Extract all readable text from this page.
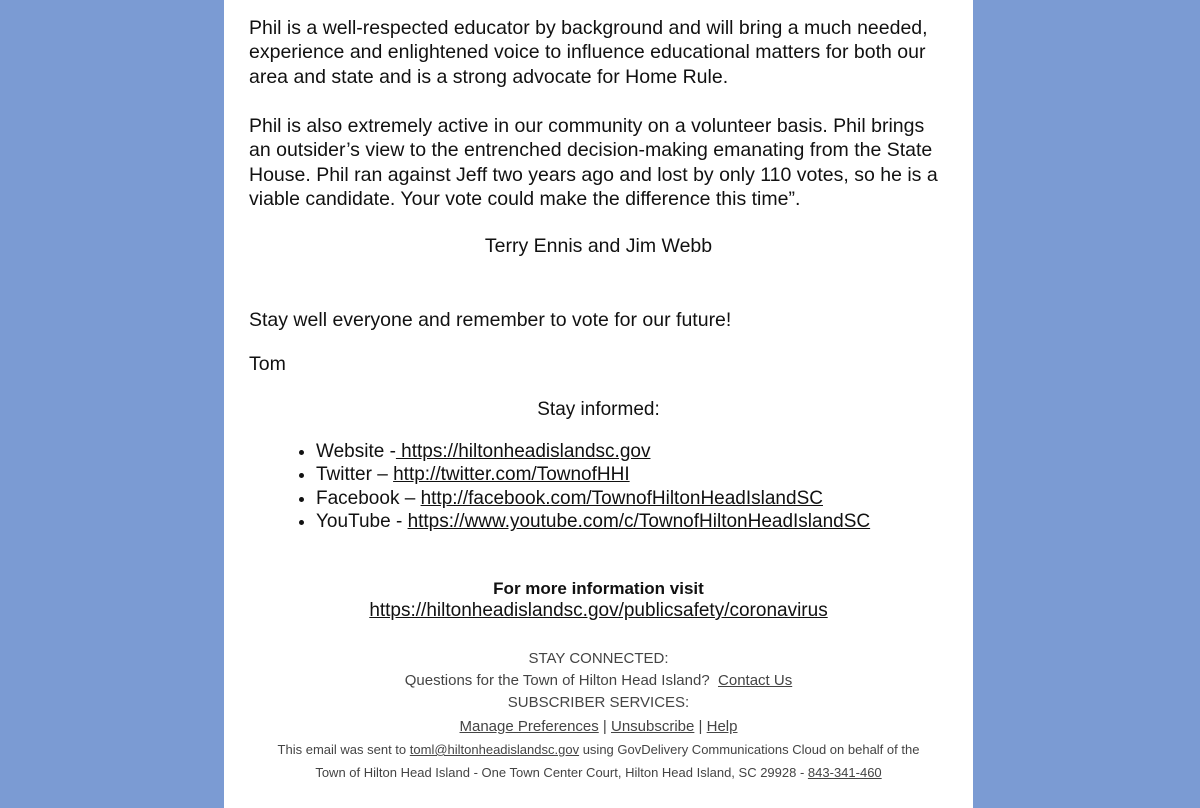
Phil is a well-respected educator by background and will bring a much needed, experience and enlightened voice to influence educational matters for both our area and state and is a strong advocate for Home Rule.

Phil is also extremely active in our community on a volunteer basis. Phil brings an outsider’s view to the entrenched decision-making emanating from the State House. Phil ran against Jeff two years ago and lost by only 110 votes, so he is a viable candidate. Your vote could make the difference this time”.

Terry Ennis and Jim Webb
Stay well everyone and remember to vote for our future!
Tom
Stay informed:
• Website - https://hiltonheadislandsc.gov
• Twitter – http://twitter.com/TownofHHI
• Facebook – http://facebook.com/TownofHiltonHeadIslandSC
• YouTube - https://www.youtube.com/c/TownofHiltonHeadIslandSC
For more information visit
https://hiltonheadislandsc.gov/publicsafety/coronavirus
STAY CONNECTED:
Questions for the Town of Hilton Head Island? Contact Us
SUBSCRIBER SERVICES:
Manage Preferences | Unsubscribe | Help
This email was sent to toml@hiltonheadislandsc.gov using GovDelivery Communications Cloud on behalf of the
Town of Hilton Head Island - One Town Center Court, Hilton Head Island, SC 29928 - 843-341-460
